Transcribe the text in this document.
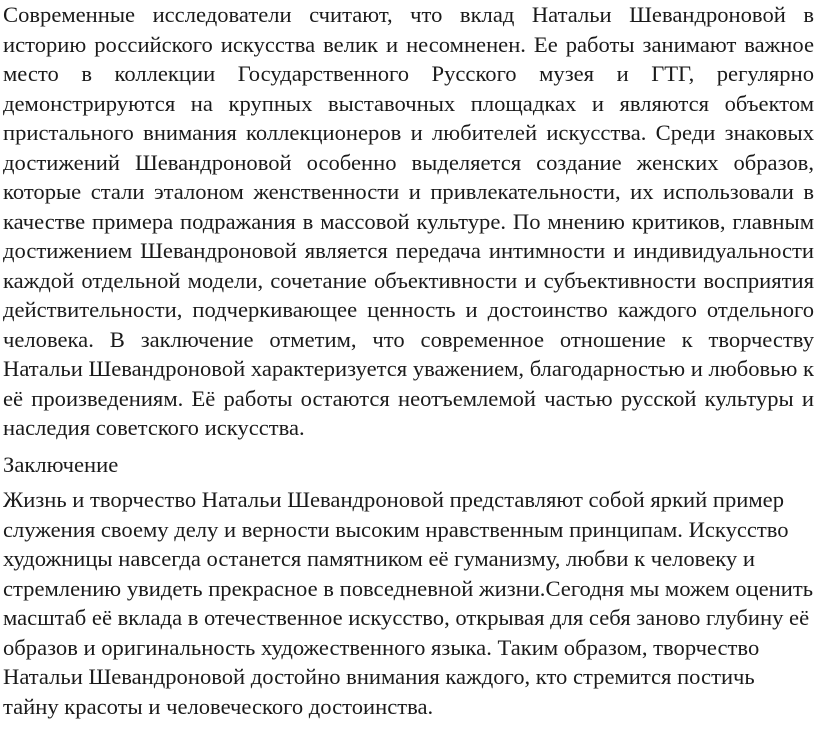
Современные исследователи считают, что вклад Натальи Шевандроновой в историю российского искусства велик и несомненен. Ее работы занимают важное место в коллекции Государственного Русского музея и ГТГ, регулярно демонстрируются на крупных выставочных площадках и являются объектом пристального внимания коллекционеров и любителей искусства. Среди знаковых достижений Шевандроновой особенно выделяется создание женских образов, которые стали эталоном женственности и привлекательности, их использовали в качестве примера подражания в массовой культуре. По мнению критиков, главным достижением Шевандроновой является передача интимности и индивидуальности каждой отдельной модели, сочетание объективности и субъективности восприятия действительности, подчеркивающее ценность и достоинство каждого отдельного человека. В заключение отметим, что современное отношение к творчеству Натальи Шевандроновой характеризуется уважением, благодарностью и любовью к её произведениям. Её работы остаются неотъемлемой частью русской культуры и наследия советского искусства.

Заключение

Жизнь и творчество Натальи Шевандроновой представляют собой яркий пример служения своему делу и верности высоким нравственным принципам. Искусство художницы навсегда останется памятником её гуманизму, любви к человеку и стремлению увидеть прекрасное в повседневной жизни.Сегодня мы можем оценить масштаб её вклада в отечественное искусство, открывая для себя заново глубину её образов и оригинальность художественного языка. Таким образом, творчество Натальи Шевандроновой достойно внимания каждого, кто стремится постичь тайну красоты и человеческого достоинства.
